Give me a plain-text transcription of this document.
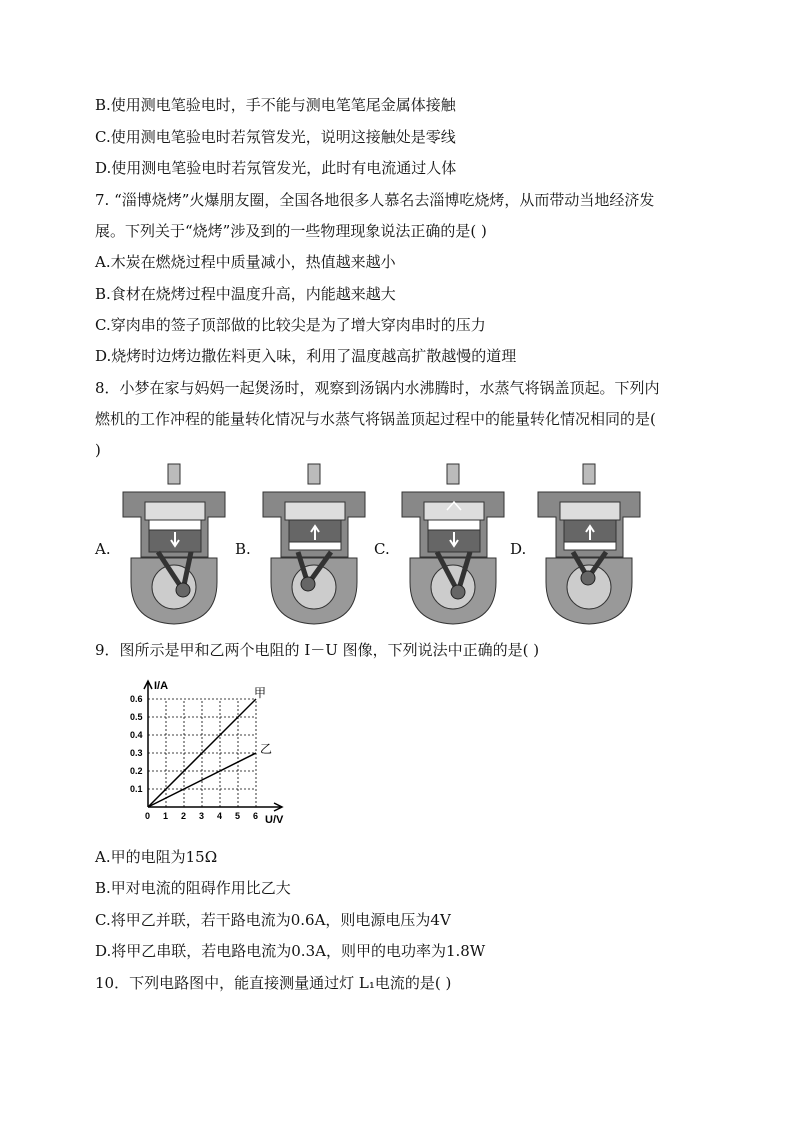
B.使用测电笔验电时，手不能与测电笔笔尾金属体接触
C.使用测电笔验电时若氖管发光，说明这接触处是零线
D.使用测电笔验电时若氖管发光，此时有电流通过人体
7. “淄博烧烤”火爆朋友圈，全国各地很多人慕名去淄博吃烧烤，从而带动当地经济发
展。下列关于“烧烤”涉及到的一些物理现象说法正确的是( )
A.木炭在燃烧过程中质量减小，热值越来越小
B.食材在烧烤过程中温度升高，内能越来越大
C.穿肉串的签子顶部做的比较尖是为了增大穿肉串时的压力
D.烧烤时边烤边撒佐料更入味，利用了温度越高扩散越慢的道理
8．小梦在家与妈妈一起煲汤时，观察到汤锅内水沸腾时，水蒸气将锅盖顶起。下列内
燃机的工作冲程的能量转化情况与水蒸气将锅盖顶起过程中的能量转化情况相同的是(
)
A.	B.	C.	D.
9．图所示是甲和乙两个电阻的 I－U 图像，下列说法中正确的是( )
I/A
U/V
0.6
0.5
0.4
0.3
0.2
0.1
0 1 2 3 4 5 6
甲
乙
A.甲的电阻为15Ω
B.甲对电流的阻碍作用比乙大
C.将甲乙并联，若干路电流为0.6A，则电源电压为4V
D.将甲乙串联，若电路电流为0.3A，则甲的电功率为1.8W
10．下列电路图中，能直接测量通过灯 L₁电流的是( )
